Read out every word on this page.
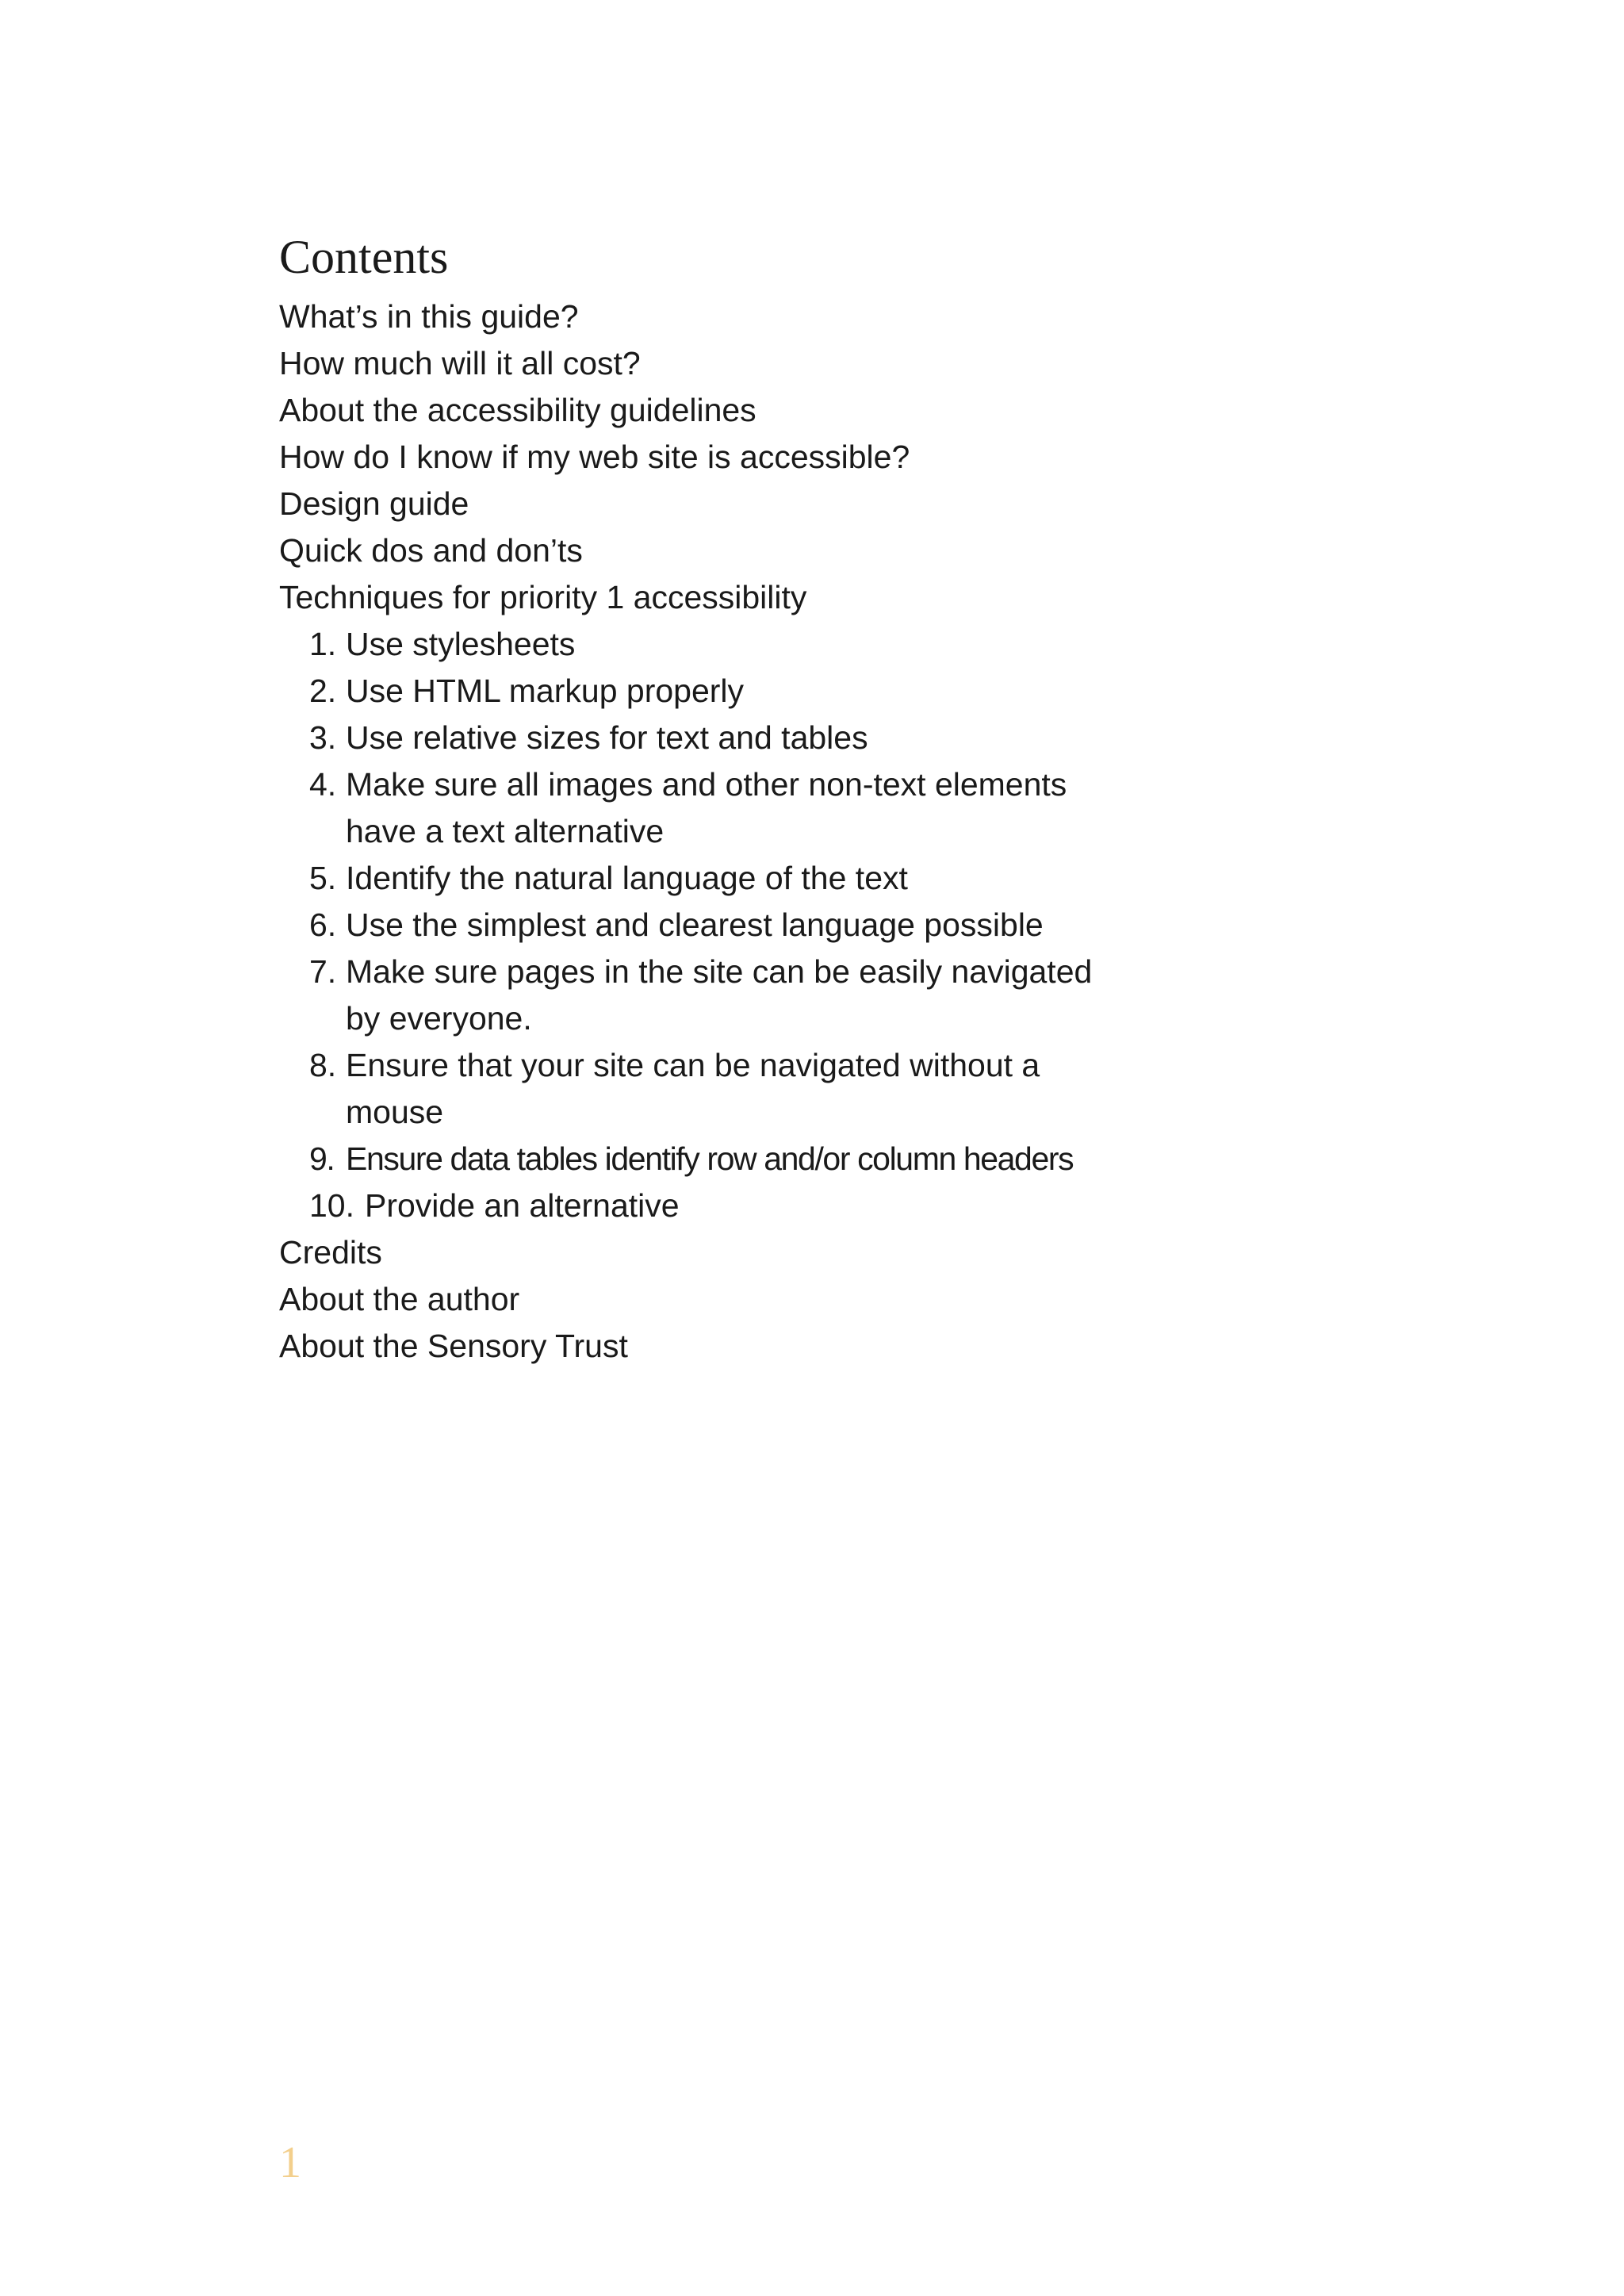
Contents
What’s in this guide?
How much will it all cost?
About the accessibility guidelines
How do I know if my web site is accessible?
Design guide
Quick dos and don’ts
Techniques for priority 1 accessibility
1. Use stylesheets
2. Use HTML markup properly
3. Use relative sizes for text and tables
4. Make sure all images and other non-text elements have a text alternative
5. Identify the natural language of the text
6. Use the simplest and clearest language possible
7. Make sure pages in the site can be easily navigated by everyone.
8. Ensure that your site can be navigated without a mouse
9. Ensure data tables identify row and/or column headers
10. Provide an alternative
Credits
About the author
About the Sensory Trust
1
